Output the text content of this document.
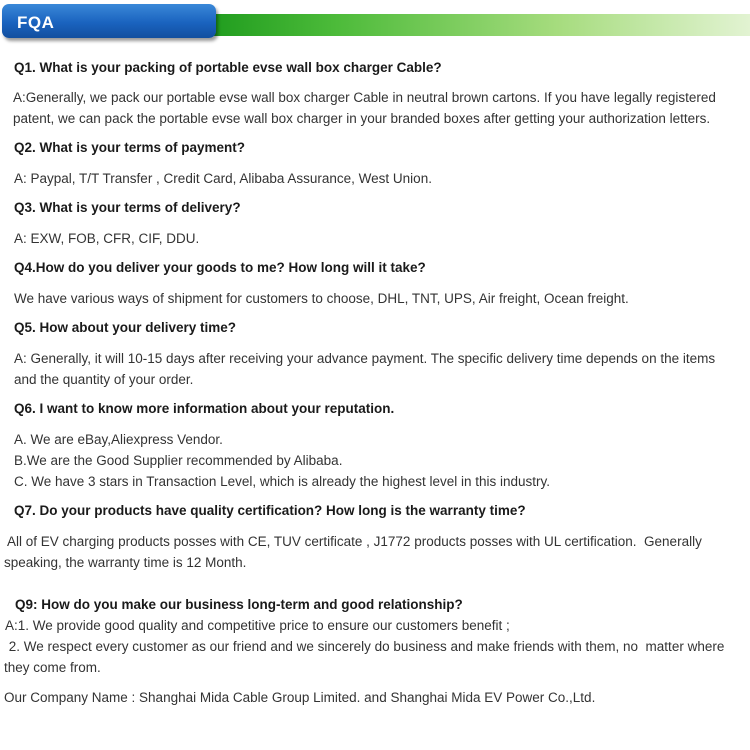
FQA
Q1. What is your packing of portable evse wall box charger Cable?
A:Generally, we pack our portable evse wall box charger Cable in neutral brown cartons. If you have legally registered
patent, we can pack the portable evse wall box charger in your branded boxes after getting your authorization letters.
Q2. What is your terms of payment?
A: Paypal, T/T Transfer , Credit Card, Alibaba Assurance, West Union.
Q3. What is your terms of delivery?
A: EXW, FOB, CFR, CIF, DDU.
Q4.How do you deliver your goods to me? How long will it take?
We have various ways of shipment for customers to choose, DHL, TNT, UPS, Air freight, Ocean freight.
Q5. How about your delivery time?
A: Generally, it will 10-15 days after receiving your advance payment. The specific delivery time depends on the items
and the quantity of your order.
Q6. I want to know more information about your reputation.
A. We are eBay,Aliexpress Vendor.
B.We are the Good Supplier recommended by Alibaba.
C. We have 3 stars in Transaction Level, which is already the highest level in this industry.
Q7. Do your products have quality certification? How long is the warranty time?
All of EV charging products posses with CE, TUV certificate , J1772 products posses with UL certification.  Generally
speaking, the warranty time is 12 Month.
Q9: How do you make our business long-term and good relationship?
A:1. We provide good quality and competitive price to ensure our customers benefit ;
2. We respect every customer as our friend and we sincerely do business and make friends with them, no  matter where
they come from.
Our Company Name : Shanghai Mida Cable Group Limited. and Shanghai Mida EV Power Co.,Ltd.
